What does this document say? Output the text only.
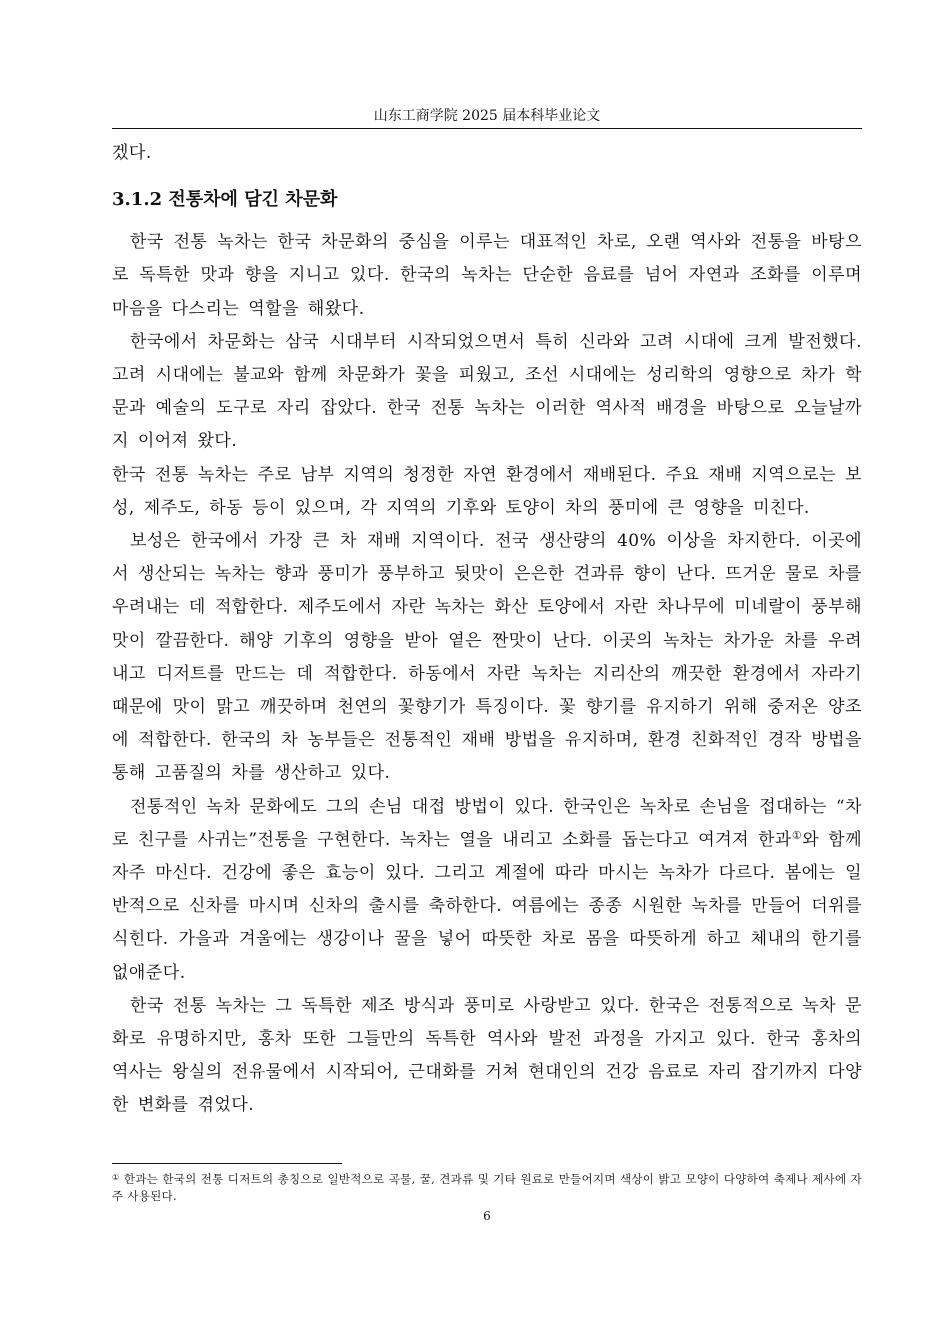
山东工商学院 2025 届本科毕业论文

겠다.

3.1.2 전통차에 담긴 차문화

한국 전통 녹차는 한국 차문화의 중심을 이루는 대표적인 차로, 오랜 역사와 전통을 바탕으로 독특한 맛과 향을 지니고 있다. 한국의 녹차는 단순한 음료를 넘어 자연과 조화를 이루며 마음을 다스리는 역할을 해왔다.

한국에서 차문화는 삼국 시대부터 시작되었으면서 특히 신라와 고려 시대에 크게 발전했다. 고려 시대에는 불교와 함께 차문화가 꽃을 피웠고, 조선 시대에는 성리학의 영향으로 차가 학문과 예술의 도구로 자리 잡았다. 한국 전통 녹차는 이러한 역사적 배경을 바탕으로 오늘날까지 이어져 왔다.

한국 전통 녹차는 주로 남부 지역의 청정한 자연 환경에서 재배된다. 주요 재배 지역으로는 보성, 제주도, 하동 등이 있으며, 각 지역의 기후와 토양이 차의 풍미에 큰 영향을 미친다.

보성은 한국에서 가장 큰 차 재배 지역이다. 전국 생산량의 40% 이상을 차지한다. 이곳에서 생산되는 녹차는 향과 풍미가 풍부하고 뒷맛이 은은한 견과류 향이 난다. 뜨거운 물로 차를 우려내는 데 적합한다. 제주도에서 자란 녹차는 화산 토양에서 자란 차나무에 미네랄이 풍부해 맛이 깔끔한다. 해양 기후의 영향을 받아 옅은 짠맛이 난다. 이곳의 녹차는 차가운 차를 우려내고 디저트를 만드는 데 적합한다. 하동에서 자란 녹차는 지리산의 깨끗한 환경에서 자라기 때문에 맛이 맑고 깨끗하며 천연의 꽃향기가 특징이다. 꽃 향기를 유지하기 위해 중저온 양조에 적합한다. 한국의 차 농부들은 전통적인 재배 방법을 유지하며, 환경 친화적인 경작 방법을 통해 고품질의 차를 생산하고 있다.

전통적인 녹차 문화에도 그의 손님 대접 방법이 있다. 한국인은 녹차로 손님을 접대하는 “차로 친구를 사귀는”전통을 구현한다. 녹차는 열을 내리고 소화를 돕는다고 여겨져 한과①와 함께 자주 마신다. 건강에 좋은 효능이 있다. 그리고 계절에 따라 마시는 녹차가 다르다. 봄에는 일반적으로 신차를 마시며 신차의 출시를 축하한다. 여름에는 종종 시원한 녹차를 만들어 더위를 식힌다. 가을과 겨울에는 생강이나 꿀을 넣어 따뜻한 차로 몸을 따뜻하게 하고 체내의 한기를 없애준다.

한국 전통 녹차는 그 독특한 제조 방식과 풍미로 사랑받고 있다. 한국은 전통적으로 녹차 문화로 유명하지만, 홍차 또한 그들만의 독특한 역사와 발전 과정을 가지고 있다. 한국 홍차의 역사는 왕실의 전유물에서 시작되어, 근대화를 거쳐 현대인의 건강 음료로 자리 잡기까지 다양한 변화를 겪었다.

① 한과는 한국의 전통 디저트의 총칭으로 일반적으로 곡물, 꿀, 견과류 및 기타 원료로 만들어지며 색상이 밝고 모양이 다양하여 축제나 제사에 자주 사용된다.
6
